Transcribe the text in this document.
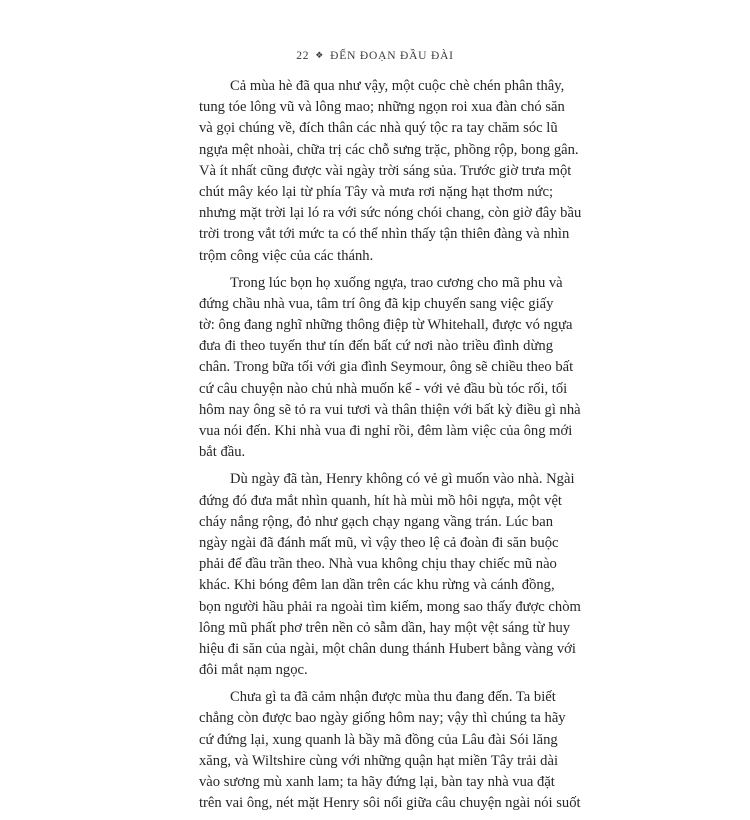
22 ❖ ĐẾN ĐOẠN ĐẦU ĐÀI
Cả mùa hè đã qua như vậy, một cuộc chè chén phân thây,
tung tóe lông vũ và lông mao; những ngọn roi xua đàn chó săn
và gọi chúng về, đích thân các nhà quý tộc ra tay chăm sóc lũ
ngựa mệt nhoài, chữa trị các chỗ sưng trặc, phồng rộp, bong gân.
Và ít nhất cũng được vài ngày trời sáng sủa. Trước giờ trưa một
chút mây kéo lại từ phía Tây và mưa rơi nặng hạt thơm nức;
nhưng mặt trời lại ló ra với sức nóng chói chang, còn giờ đây bầu
trời trong vắt tới mức ta có thể nhìn thấy tận thiên đàng và nhìn
trộm công việc của các thánh.
Trong lúc bọn họ xuống ngựa, trao cương cho mã phu và
đứng chầu nhà vua, tâm trí ông đã kịp chuyển sang việc giấy
tờ: ông đang nghĩ những thông điệp từ Whitehall, được vó ngựa
đưa đi theo tuyến thư tín đến bất cứ nơi nào triều đình dừng
chân. Trong bữa tối với gia đình Seymour, ông sẽ chiều theo bất
cứ câu chuyện nào chủ nhà muốn kể - với vẻ đầu bù tóc rối, tối
hôm nay ông sẽ tỏ ra vui tươi và thân thiện với bất kỳ điều gì nhà
vua nói đến. Khi nhà vua đi nghỉ rồi, đêm làm việc của ông mới
bắt đầu.
Dù ngày đã tàn, Henry không có vẻ gì muốn vào nhà. Ngài
đứng đó đưa mắt nhìn quanh, hít hà mùi mồ hôi ngựa, một vệt
cháy nắng rộng, đỏ như gạch chạy ngang vầng trán. Lúc ban
ngày ngài đã đánh mất mũ, vì vậy theo lệ cả đoàn đi săn buộc
phải để đầu trần theo. Nhà vua không chịu thay chiếc mũ nào
khác. Khi bóng đêm lan dần trên các khu rừng và cánh đồng,
bọn người hầu phải ra ngoài tìm kiếm, mong sao thấy được chòm
lông mũ phất phơ trên nền cỏ sẫm dần, hay một vệt sáng từ huy
hiệu đi săn của ngài, một chân dung thánh Hubert bằng vàng với
đôi mắt nạm ngọc.
Chưa gì ta đã cảm nhận được mùa thu đang đến. Ta biết
chẳng còn được bao ngày giống hôm nay; vậy thì chúng ta hãy
cứ đứng lại, xung quanh là bầy mã đồng của Lâu đài Sói lăng
xăng, và Wiltshire cùng với những quận hạt miền Tây trải dài
vào sương mù xanh lam; ta hãy đứng lại, bàn tay nhà vua đặt
trên vai ông, nét mặt Henry sôi nổi giữa câu chuyện ngài nói suốt
